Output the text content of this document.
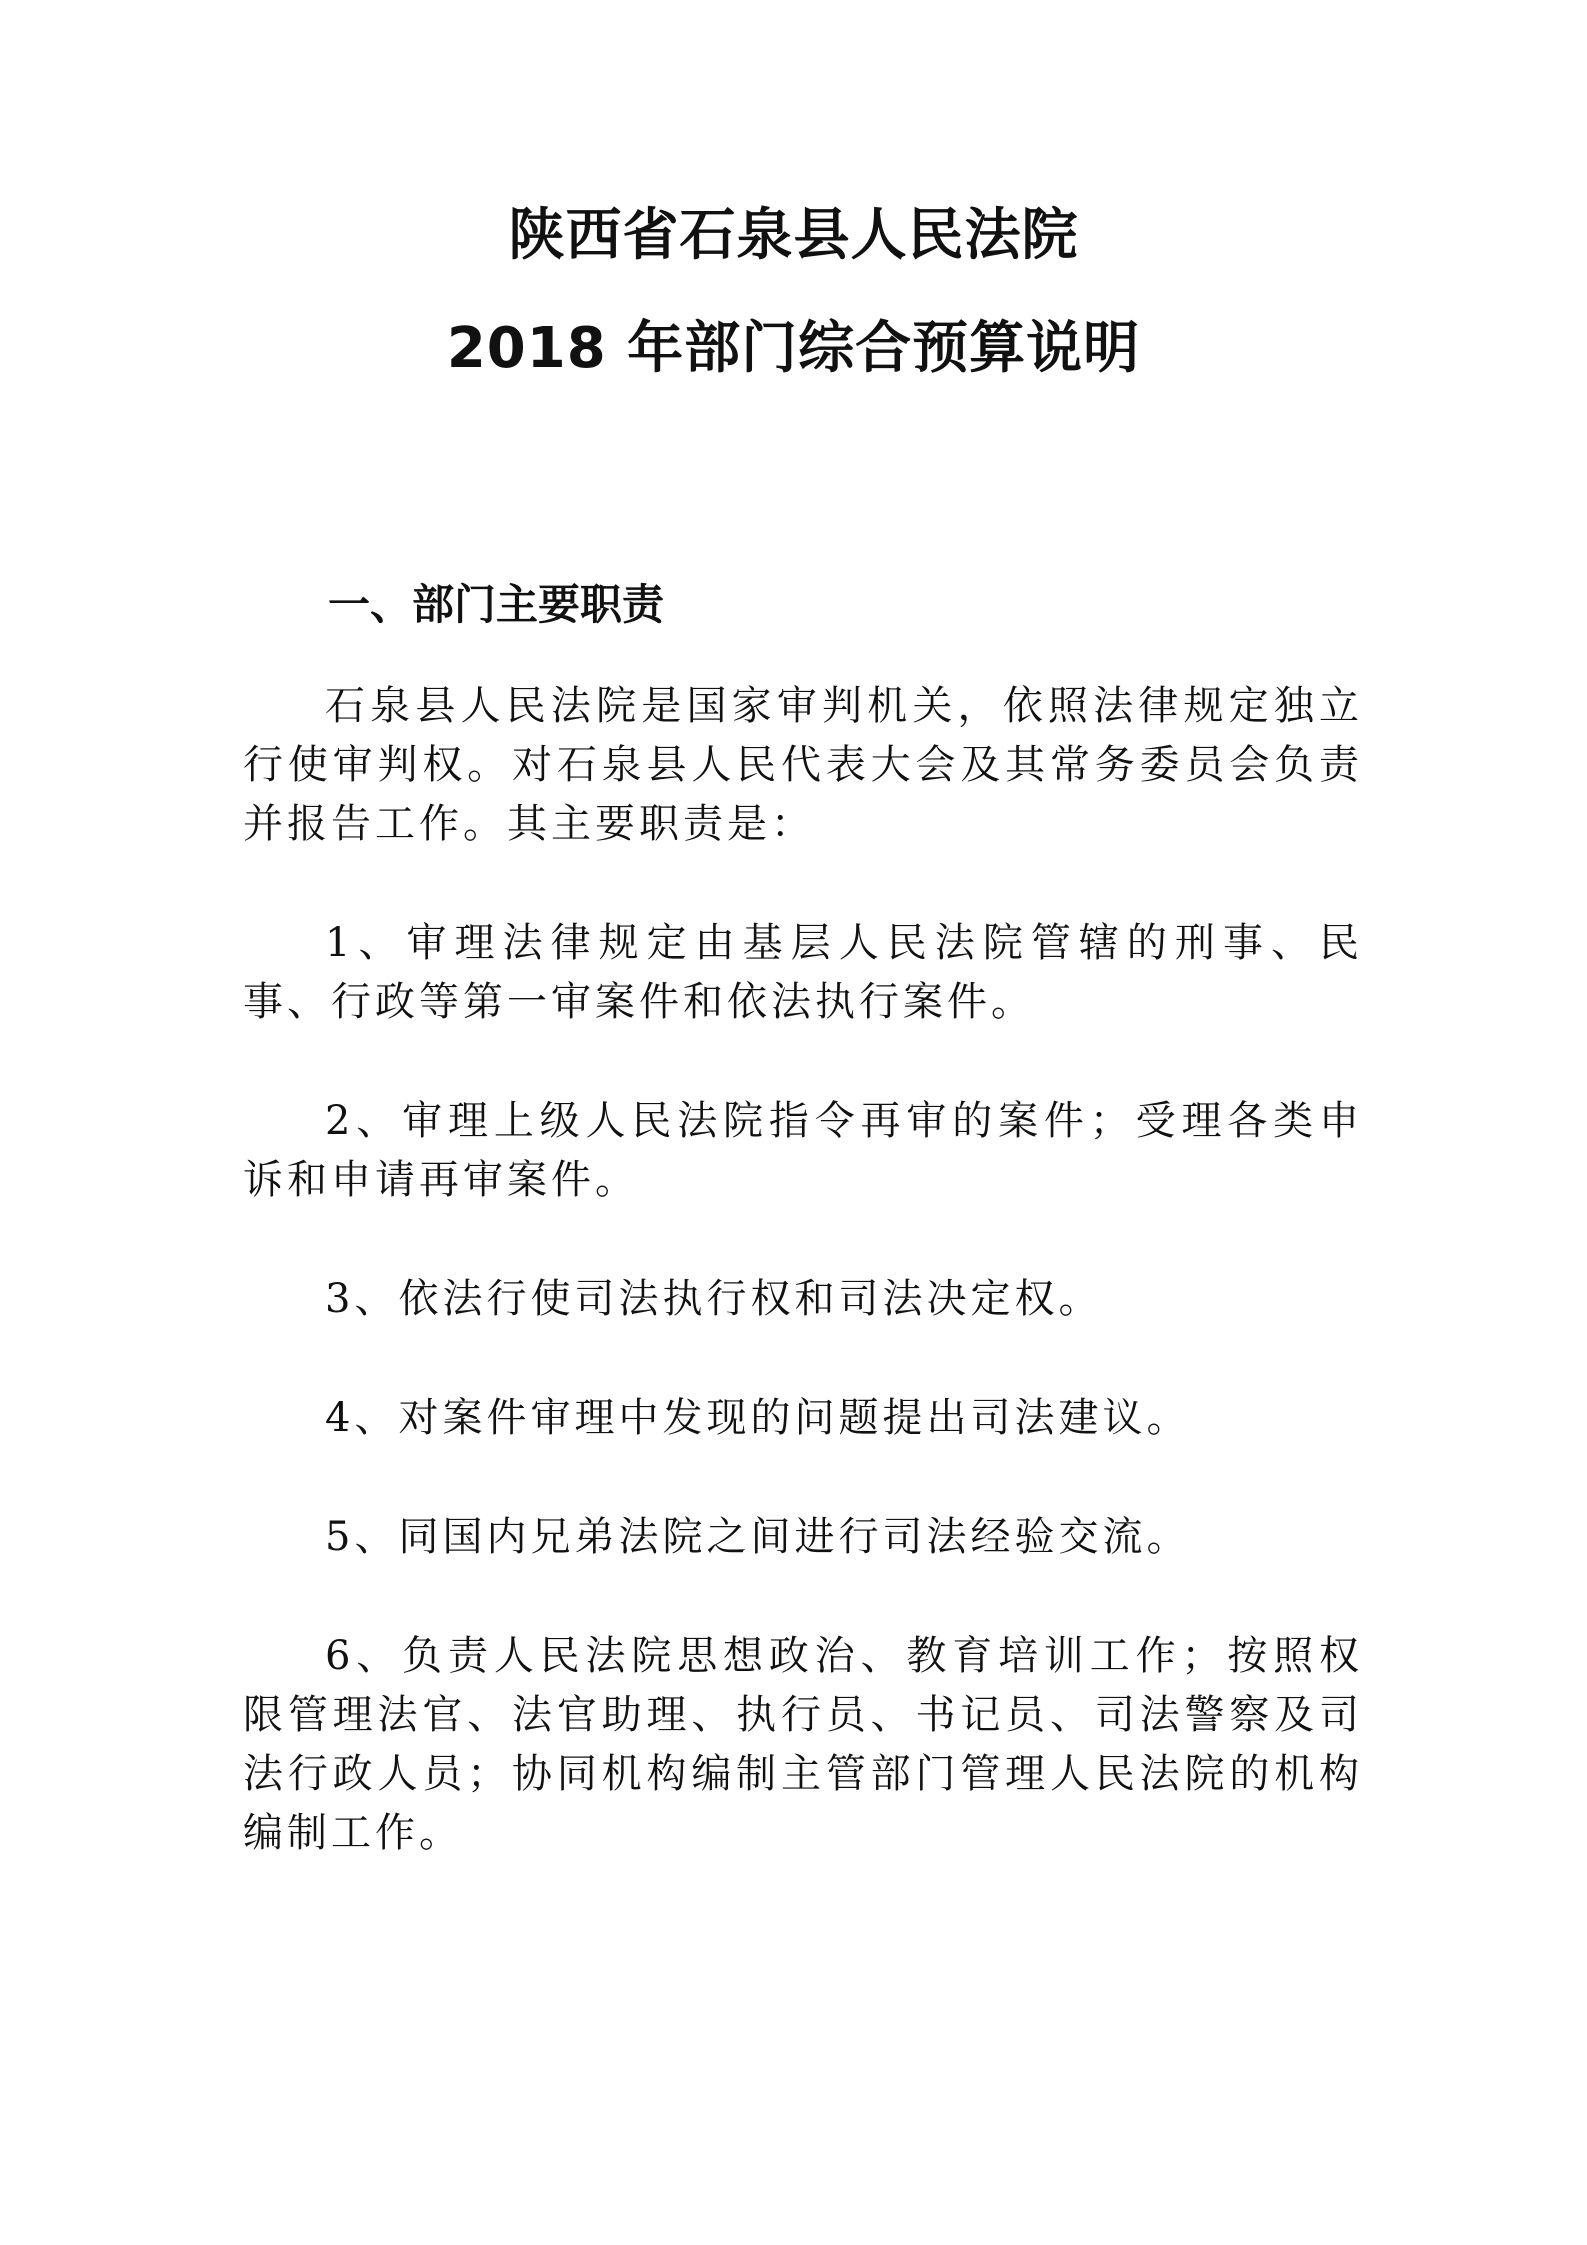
陕西省石泉县人民法院
2018 年部门综合预算说明
一、部门主要职责

石泉县人民法院是国家审判机关，依照法律规定独立行使审判权。对石泉县人民代表大会及其常务委员会负责并报告工作。其主要职责是：

1、审理法律规定由基层人民法院管辖的刑事、民事、行政等第一审案件和依法执行案件。

2、审理上级人民法院指令再审的案件；受理各类申诉和申请再审案件。

3、依法行使司法执行权和司法决定权。

4、对案件审理中发现的问题提出司法建议。

5、同国内兄弟法院之间进行司法经验交流。

6、负责人民法院思想政治、教育培训工作；按照权限管理法官、法官助理、执行员、书记员、司法警察及司法行政人员；协同机构编制主管部门管理人民法院的机构编制工作。
